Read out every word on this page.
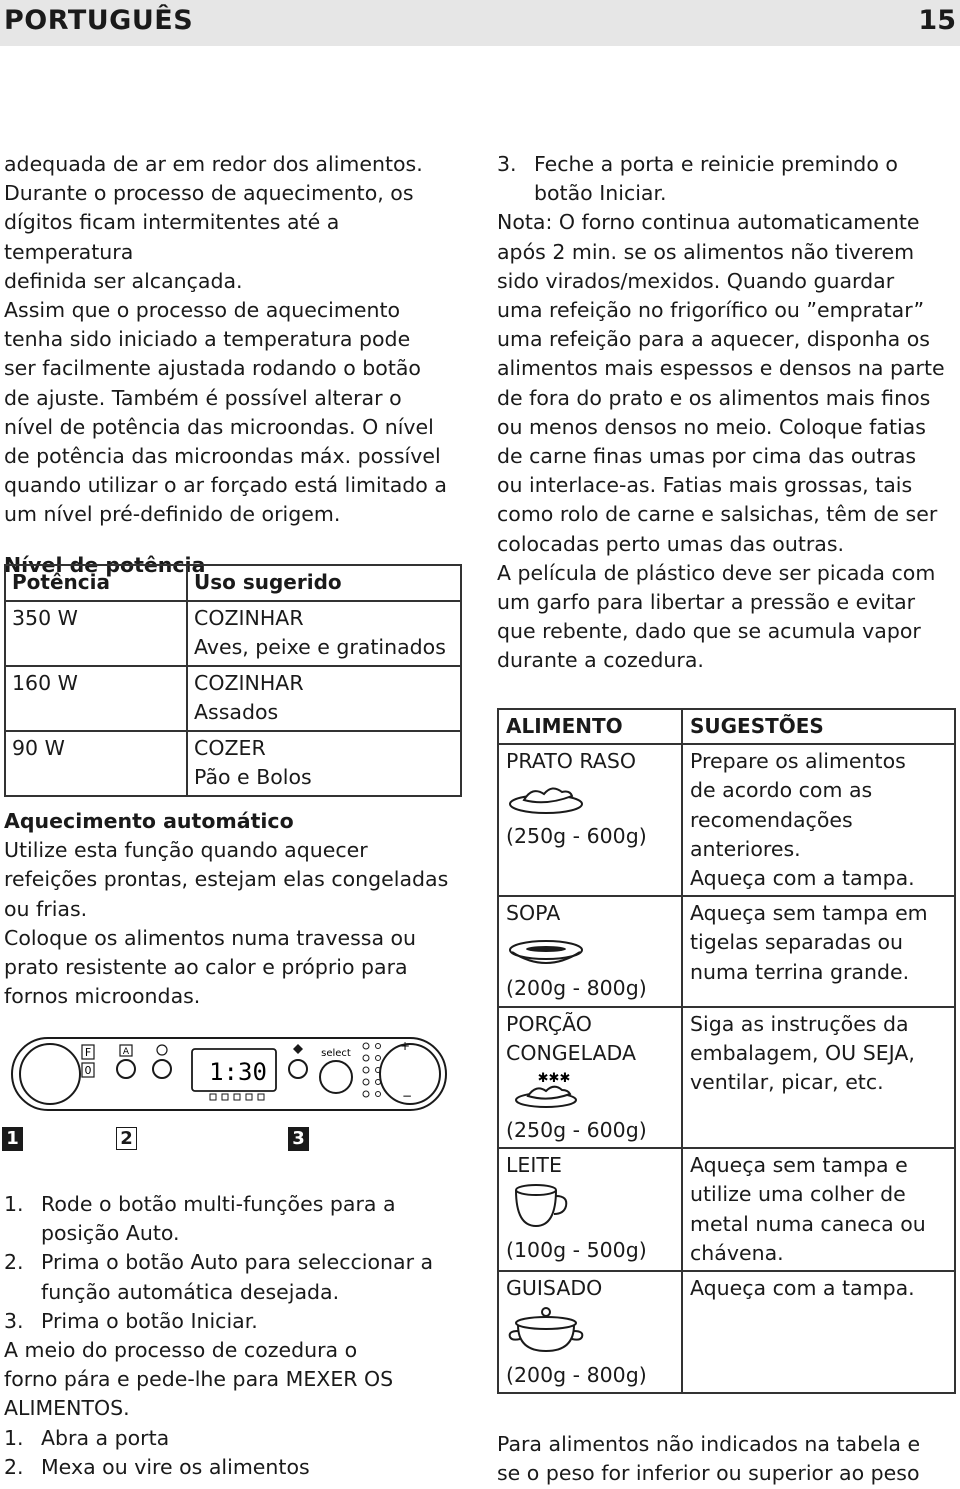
PORTUGUÊS	15

adequada de ar em redor dos alimentos.
Durante o processo de aquecimento, os
dígitos ficam intermitentes até a temperatura
definida ser alcançada.
Assim que o processo de aquecimento
tenha sido iniciado a temperatura pode
ser facilmente ajustada rodando o botão
de ajuste. Também é possível alterar o
nível de potência das microondas. O nível
de potência das microondas máx. possível
quando utilizar o ar forçado está limitado a
um nível pré-definido de origem.

Nível de potência

Potência	Uso sugerido
350 W	COZINHAR
Aves, peixe e gratinados
160 W	COZINHAR
Assados
90 W	COZER
Pão e Bolos

Aquecimento automático

Utilize esta função quando aquecer
refeições prontas, estejam elas congeladas
ou frias.
Coloque os alimentos numa travessa ou
prato resistente ao calor e próprio para
fornos microondas.

F
0
A
1:30
select
+
−
1	2	3
1. Rode o botão multi-funções para a
posição Auto.
2. Prima o botão Auto para seleccionar a
função automática desejada.
3. Prima o botão Iniciar.

A meio do processo de cozedura o
forno pára e pede-lhe para MEXER OS
ALIMENTOS.

1. Abra a porta
2. Mexa ou vire os alimentos
3. Feche a porta e reinicie premindo o
botão Iniciar.

Nota: O forno continua automaticamente
após 2 min. se os alimentos não tiverem
sido virados/mexidos. Quando guardar
uma refeição no frigorífico ou ”empratar”
uma refeição para a aquecer, disponha os
alimentos mais espessos e densos na parte
de fora do prato e os alimentos mais finos
ou menos densos no meio. Coloque fatias
de carne finas umas por cima das outras
ou interlace-as. Fatias mais grossas, tais
como rolo de carne e salsichas, têm de ser
colocadas perto umas das outras.
A película de plástico deve ser picada com
um garfo para libertar a pressão e evitar
que rebente, dado que se acumula vapor
durante a cozedura.

ALIMENTO	SUGESTÕES
PRATO RASO
(250g - 600g)	Prepare os alimentos
de acordo com as
recomendações
anteriores.
Aqueça com a tampa.
SOPA
(200g - 800g)	Aqueça sem tampa em
tigelas separadas ou
numa terrina grande.
PORÇÃO
CONGELADA
✱✱✱
(250g - 600g)	Siga as instruções da
embalagem, OU SEJA,
ventilar, picar, etc.
LEITE
(100g - 500g)	Aqueça sem tampa e
utilize uma colher de
metal numa caneca ou
chávena.
GUISADO
(200g - 800g)	Aqueça com a tampa.
Para alimentos não indicados na tabela e
se o peso for inferior ou superior ao peso
